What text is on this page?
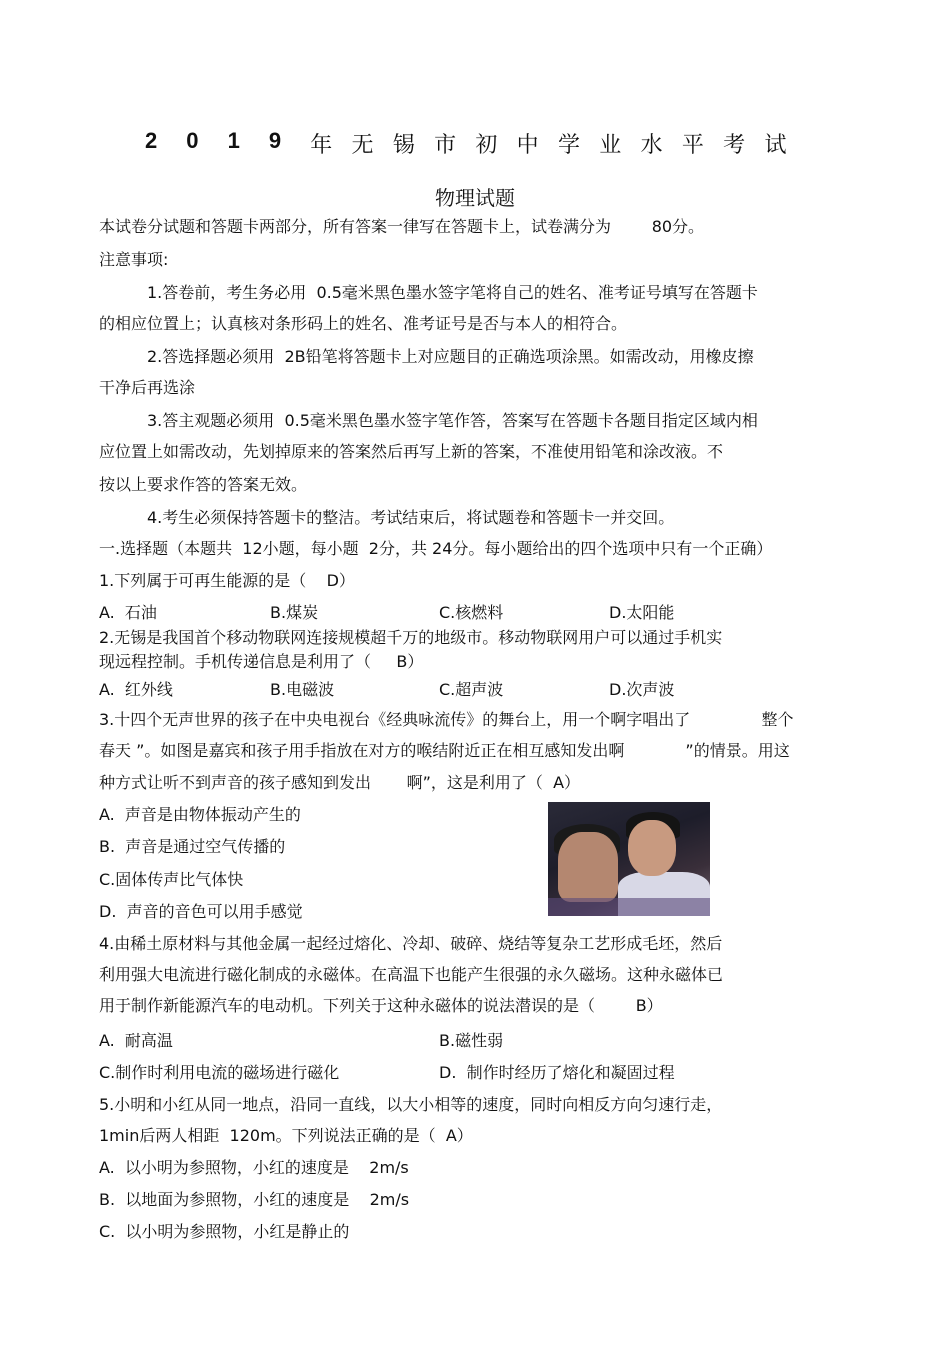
2	0	1	9	年 无 锡 市 初 中 学 业 水 平 考 试
物理试题
本试卷分试题和答题卡两部分，所有答案一律写在答题卡上，试卷满分为        80分。
注意事项:
1.答卷前，考生务必用  0.5毫米黑色墨水签字笔将自己的姓名、准考证号填写在答题卡
的相应位置上；认真核对条形码上的姓名、准考证号是否与本人的相符合。
2.答选择题必须用  2B铅笔将答题卡上对应题目的正确选项涂黑。如需改动，用橡皮擦
干净后再选涂
3.答主观题必须用  0.5毫米黑色墨水签字笔作答，答案写在答题卡各题目指定区域内相
应位置上如需改动，先划掉原来的答案然后再写上新的答案，不准使用铅笔和涂改液。不
按以上要求作答的答案无效。
4.考生必须保持答题卡的整洁。考试结束后，将试题卷和答题卡一并交回。
一.选择题（本题共  12小题，每小题  2分，共 24分。每小题给出的四个选项中只有一个正确）
1.下列属于可再生能源的是（    D）
A.  石油	B.煤炭	C.核燃料	D.太阳能
2.无锡是我国首个移动物联网连接规模超千万的地级市。移动物联网用户可以通过手机实
现远程控制。手机传递信息是利用了（     B）
A.  红外线	B.电磁波	C.超声波	D.次声波
3.十四个无声世界的孩子在中央电视台《经典咏流传》的舞台上，用一个啊字唱出了              整个
春天 ”。如图是嘉宾和孩子用手指放在对方的喉结附近正在相互感知发出啊            ”的情景。用这
种方式让听不到声音的孩子感知到发出       啊”，这是利用了（  A）
A.  声音是由物体振动产生的
B.  声音是通过空气传播的
C.固体传声比气体快
D.  声音的音色可以用手感觉
4.由稀土原材料与其他金属一起经过熔化、冷却、破碎、烧结等复杂工艺形成毛坯，然后
利用强大电流进行磁化制成的永磁体。在高温下也能产生很强的永久磁场。这种永磁体已
用于制作新能源汽车的电动机。下列关于这种永磁体的说法潜误的是（        B）
A.  耐高温	B.磁性弱
C.制作时利用电流的磁场进行磁化	D.  制作时经历了熔化和凝固过程
5.小明和小红从同一地点，沿同一直线，以大小相等的速度，同时向相反方向匀速行走，
1min后两人相距  120m。下列说法正确的是（  A）
A.  以小明为参照物，小红的速度是    2m/s
B.  以地面为参照物，小红的速度是    2m/s
C.  以小明为参照物，小红是静止的
